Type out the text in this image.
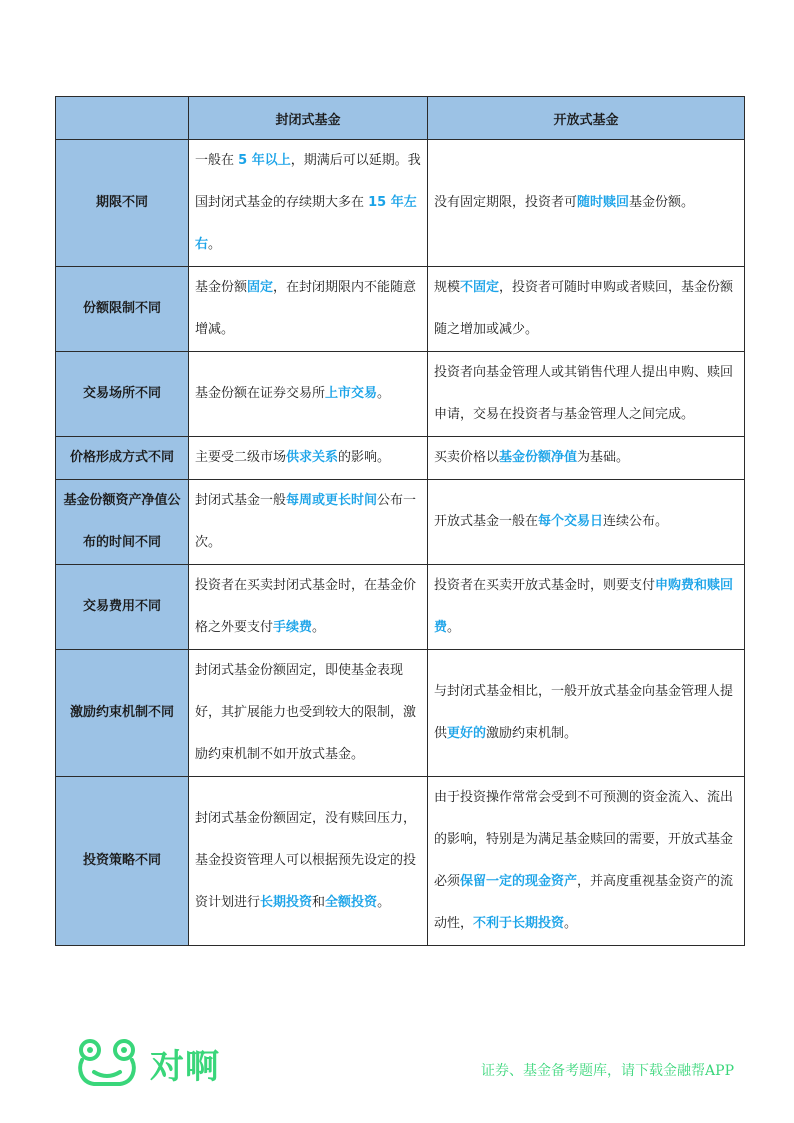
	封闭式基金	开放式基金
期限不同	一般在 5 年以上，期满后可以延期。我国封闭式基金的存续期大多在 15 年左右。	没有固定期限，投资者可随时赎回基金份额。
份额限制不同	基金份额固定，在封闭期限内不能随意增减。	规模不固定，投资者可随时申购或者赎回，基金份额随之增加或减少。
交易场所不同	基金份额在证券交易所上市交易。	投资者向基金管理人或其销售代理人提出申购、赎回申请，交易在投资者与基金管理人之间完成。
价格形成方式不同	主要受二级市场供求关系的影响。	买卖价格以基金份额净值为基础。
基金份额资产净值公布的时间不同	封闭式基金一般每周或更长时间公布一次。	开放式基金一般在每个交易日连续公布。
交易费用不同	投资者在买卖封闭式基金时，在基金价格之外要支付手续费。	投资者在买卖开放式基金时，则要支付申购费和赎回费。
激励约束机制不同	封闭式基金份额固定，即使基金表现好，其扩展能力也受到较大的限制，激励约束机制不如开放式基金。	与封闭式基金相比，一般开放式基金向基金管理人提供更好的激励约束机制。
投资策略不同	封闭式基金份额固定，没有赎回压力，基金投资管理人可以根据预先设定的投资计划进行长期投资和全额投资。	由于投资操作常常会受到不可预测的资金流入、流出的影响，特别是为满足基金赎回的需要，开放式基金必须保留一定的现金资产，并高度重视基金资产的流动性，不利于长期投资。
对啊	证券、基金备考题库，请下载金融帮APP
